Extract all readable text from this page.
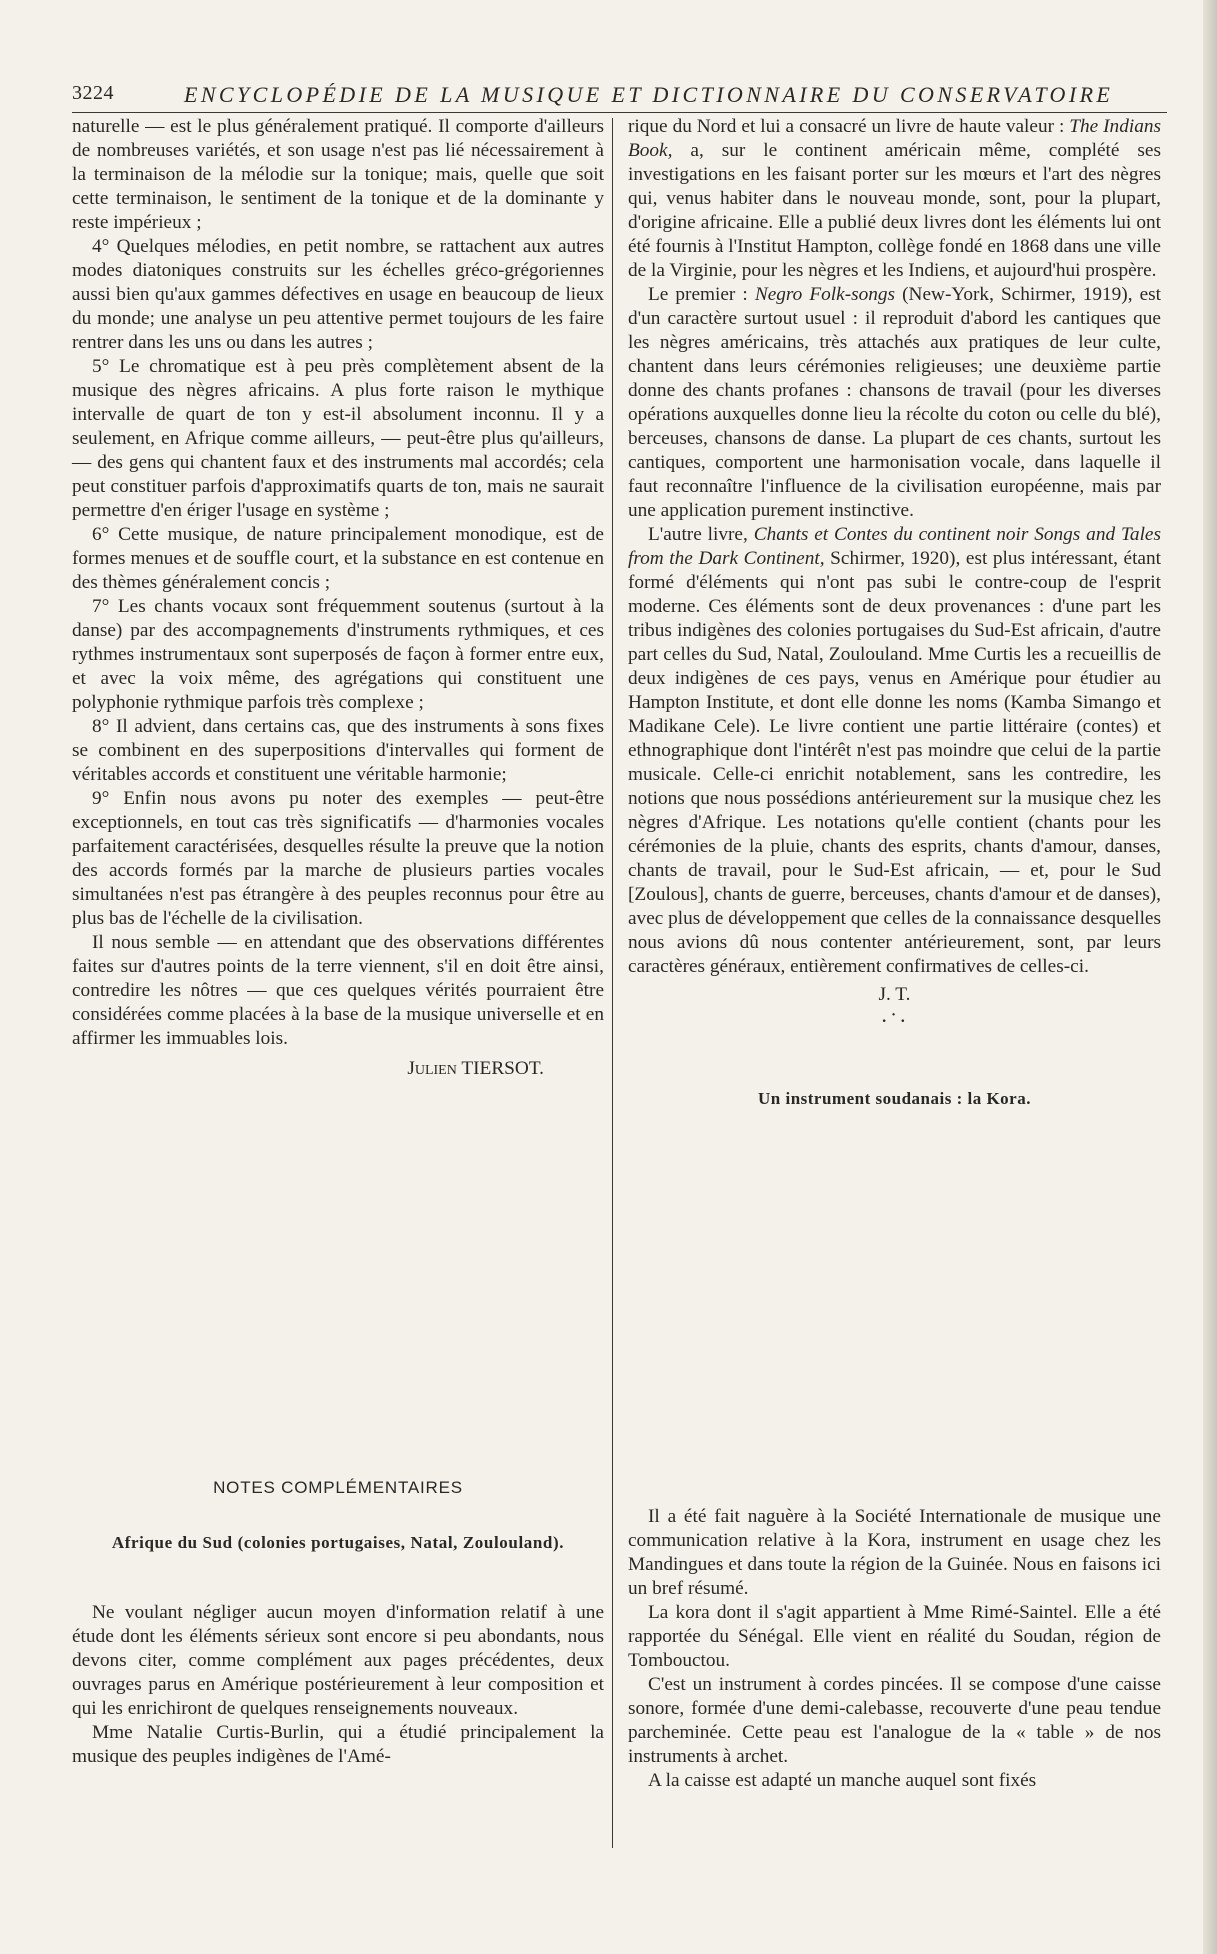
3224	ENCYCLOPÉDIE DE LA MUSIQUE ET DICTIONNAIRE DU CONSERVATOIRE

naturelle — est le plus généralement pratiqué. Il comporte d'ailleurs de nombreuses variétés, et son usage n'est pas lié nécessairement à la terminaison de la mélodie sur la tonique; mais, quelle que soit cette terminaison, le sentiment de la tonique et de la dominante y reste impérieux ;

4° Quelques mélodies, en petit nombre, se rattachent aux autres modes diatoniques construits sur les échelles gréco-grégoriennes aussi bien qu'aux gammes défectives en usage en beaucoup de lieux du monde; une analyse un peu attentive permet toujours de les faire rentrer dans les uns ou dans les autres ;

5° Le chromatique est à peu près complètement absent de la musique des nègres africains. A plus forte raison le mythique intervalle de quart de ton y est-il absolument inconnu. Il y a seulement, en Afrique comme ailleurs, — peut-être plus qu'ailleurs, — des gens qui chantent faux et des instruments mal accordés; cela peut constituer parfois d'approximatifs quarts de ton, mais ne saurait permettre d'en ériger l'usage en système ;

6° Cette musique, de nature principalement monodique, est de formes menues et de souffle court, et la substance en est contenue en des thèmes généralement concis ;

7° Les chants vocaux sont fréquemment soutenus (surtout à la danse) par des accompagnements d'instruments rythmiques, et ces rythmes instrumentaux sont superposés de façon à former entre eux, et avec la voix même, des agrégations qui constituent une polyphonie rythmique parfois très complexe ;

8° Il advient, dans certains cas, que des instruments à sons fixes se combinent en des superpositions d'intervalles qui forment de véritables accords et constituent une véritable harmonie;

9° Enfin nous avons pu noter des exemples — peut-être exceptionnels, en tout cas très significatifs — d'harmonies vocales parfaitement caractérisées, desquelles résulte la preuve que la notion des accords formés par la marche de plusieurs parties vocales simultanées n'est pas étrangère à des peuples reconnus pour être au plus bas de l'échelle de la civilisation.

Il nous semble — en attendant que des observations différentes faites sur d'autres points de la terre viennent, s'il en doit être ainsi, contredire les nôtres — que ces quelques vérités pourraient être considérées comme placées à la base de la musique universelle et en affirmer les immuables lois.

Julien TIERSOT.

NOTES COMPLÉMENTAIRES
Afrique du Sud (colonies portugaises, Natal, Zoulouland).

Ne voulant négliger aucun moyen d'information relatif à une étude dont les éléments sérieux sont encore si peu abondants, nous devons citer, comme complément aux pages précédentes, deux ouvrages parus en Amérique postérieurement à leur composition et qui les enrichiront de quelques renseignements nouveaux.

Mme Natalie Curtis-Burlin, qui a étudié principalement la musique des peuples indigènes de l'Amé-

rique du Nord et lui a consacré un livre de haute valeur : The Indians Book, a, sur le continent américain même, complété ses investigations en les faisant porter sur les mœurs et l'art des nègres qui, venus habiter dans le nouveau monde, sont, pour la plupart, d'origine africaine. Elle a publié deux livres dont les éléments lui ont été fournis à l'Institut Hampton, collège fondé en 1868 dans une ville de la Virginie, pour les nègres et les Indiens, et aujourd'hui prospère.

Le premier : Negro Folk-songs (New-York, Schirmer, 1919), est d'un caractère surtout usuel : il reproduit d'abord les cantiques que les nègres américains, très attachés aux pratiques de leur culte, chantent dans leurs cérémonies religieuses; une deuxième partie donne des chants profanes : chansons de travail (pour les diverses opérations auxquelles donne lieu la récolte du coton ou celle du blé), berceuses, chansons de danse. La plupart de ces chants, surtout les cantiques, comportent une harmonisation vocale, dans laquelle il faut reconnaître l'influence de la civilisation européenne, mais par une application purement instinctive.

L'autre livre, Chants et Contes du continent noir Songs and Tales from the Dark Continent, Schirmer, 1920), est plus intéressant, étant formé d'éléments qui n'ont pas subi le contre-coup de l'esprit moderne. Ces éléments sont de deux provenances : d'une part les tribus indigènes des colonies portugaises du Sud-Est africain, d'autre part celles du Sud, Natal, Zoulouland. Mme Curtis les a recueillis de deux indigènes de ces pays, venus en Amérique pour étudier au Hampton Institute, et dont elle donne les noms (Kamba Simango et Madikane Cele). Le livre contient une partie littéraire (contes) et ethnographique dont l'intérêt n'est pas moindre que celui de la partie musicale. Celle-ci enrichit notablement, sans les contredire, les notions que nous possédions antérieurement sur la musique chez les nègres d'Afrique. Les notations qu'elle contient (chants pour les cérémonies de la pluie, chants des esprits, chants d'amour, danses, chants de travail, pour le Sud-Est africain, — et, pour le Sud [Zoulous], chants de guerre, berceuses, chants d'amour et de danses), avec plus de développement que celles de la connaissance desquelles nous avions dû nous contenter antérieurement, sont, par leurs caractères généraux, entièrement confirmatives de celles-ci.

J. T.

·˙·

Un instrument soudanais : la Kora.

Il a été fait naguère à la Société Internationale de musique une communication relative à la Kora, instrument en usage chez les Mandingues et dans toute la région de la Guinée. Nous en faisons ici un bref résumé.

La kora dont il s'agit appartient à Mme Rimé-Saintel. Elle a été rapportée du Sénégal. Elle vient en réalité du Soudan, région de Tombouctou.

C'est un instrument à cordes pincées. Il se compose d'une caisse sonore, formée d'une demi-calebasse, recouverte d'une peau tendue parcheminée. Cette peau est l'analogue de la « table » de nos instruments à archet.

A la caisse est adapté un manche auquel sont fixés
